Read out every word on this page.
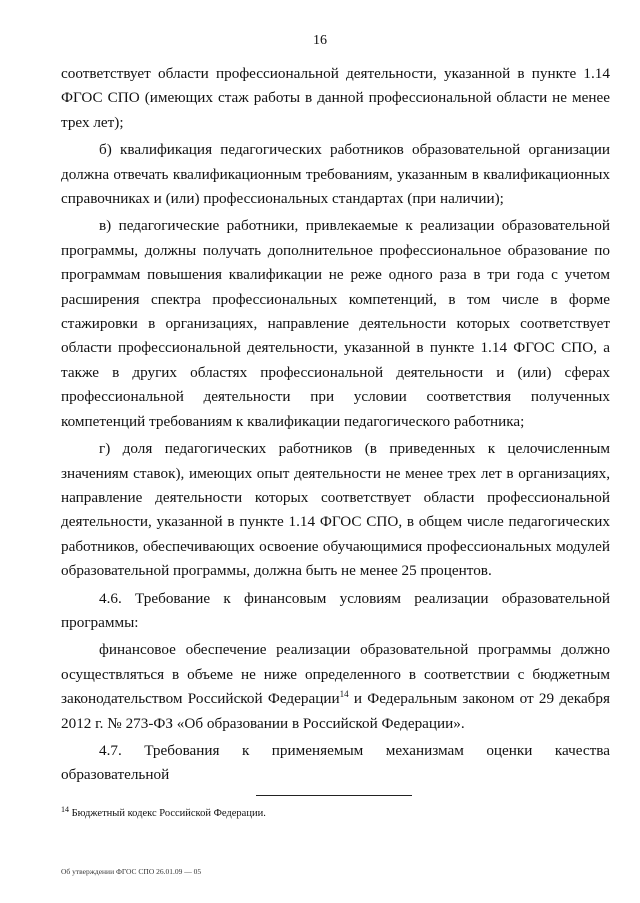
16

соответствует области профессиональной деятельности, указанной в пункте 1.14 ФГОС СПО (имеющих стаж работы в данной профессиональной области не менее трех лет);

б) квалификация педагогических работников образовательной организации должна отвечать квалификационным требованиям, указанным в квалификационных справочниках и (или) профессиональных стандартах (при наличии);

в) педагогические работники, привлекаемые к реализации образовательной программы, должны получать дополнительное профессиональное образование по программам повышения квалификации не реже одного раза в три года с учетом расширения спектра профессиональных компетенций, в том числе в форме стажировки в организациях, направление деятельности которых соответствует области профессиональной деятельности, указанной в пункте 1.14 ФГОС СПО, а также в других областях профессиональной деятельности и (или) сферах профессиональной деятельности при условии соответствия полученных компетенций требованиям к квалификации педагогического работника;

г) доля педагогических работников (в приведенных к целочисленным значениям ставок), имеющих опыт деятельности не менее трех лет в организациях, направление деятельности которых соответствует области профессиональной деятельности, указанной в пункте 1.14 ФГОС СПО, в общем числе педагогических работников, обеспечивающих освоение обучающимися профессиональных модулей образовательной программы, должна быть не менее 25 процентов.

4.6. Требование к финансовым условиям реализации образовательной программы:

финансовое обеспечение реализации образовательной программы должно осуществляться в объеме не ниже определенного в соответствии с бюджетным законодательством Российской Федерации$^{14}$ и Федеральным законом от 29 декабря 2012 г. № 273-ФЗ «Об образовании в Российской Федерации».

4.7. Требования к применяемым механизмам оценки качества образовательной

$^{14}$ Бюджетный кодекс Российской Федерации.
Об утверждении ФГОС СПО 26.01.09 — 05
